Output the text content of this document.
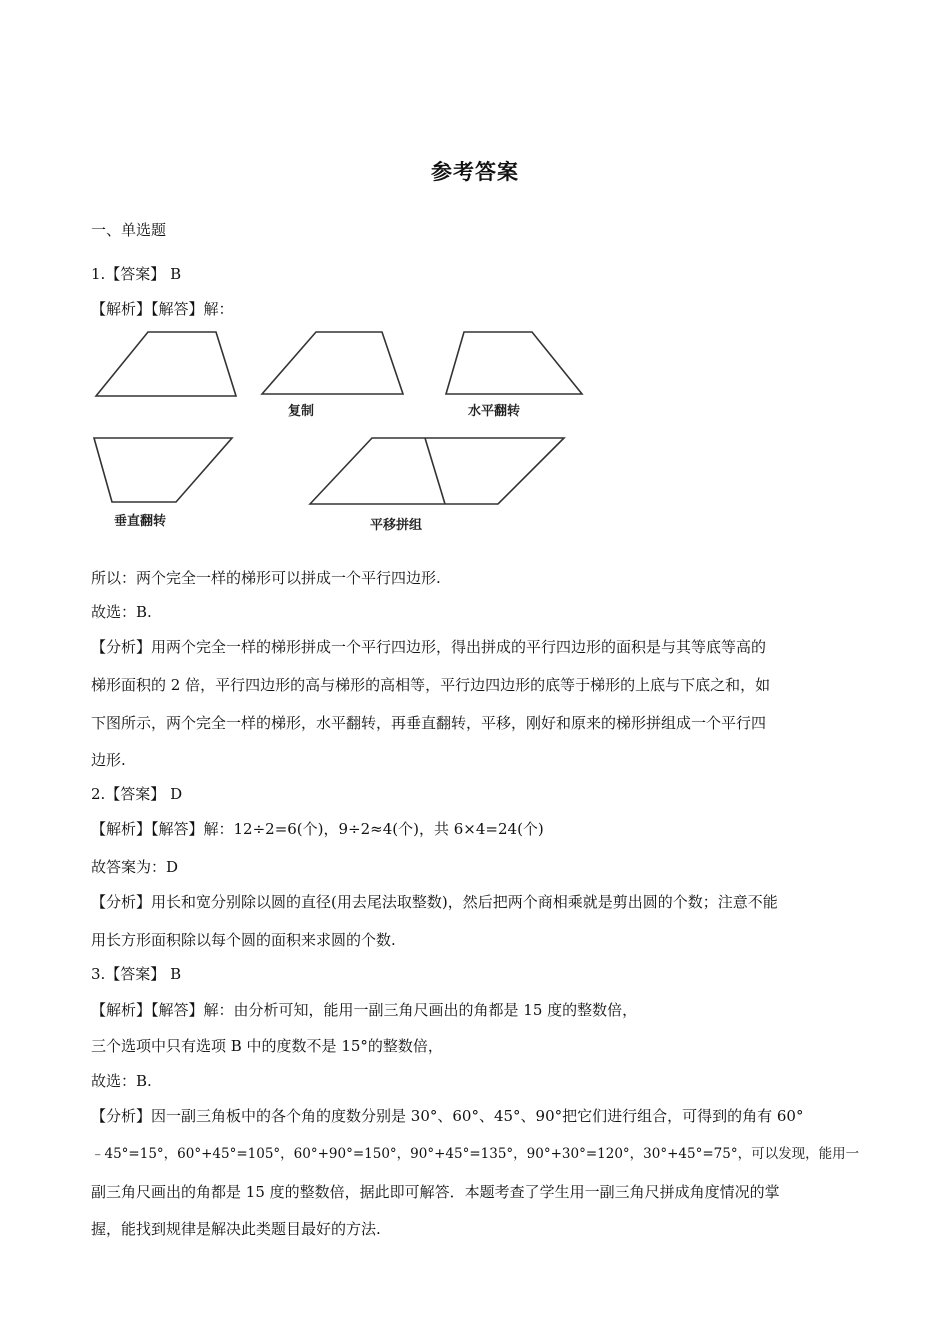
参考答案
一、单选题
1.【答案】 B
【解析】【解答】解：
复制	水平翻转
垂直翻转	平移拼组
所以：两个完全一样的梯形可以拼成一个平行四边形.
故选：B.
【分析】用两个完全一样的梯形拼成一个平行四边形，得出拼成的平行四边形的面积是与其等底等高的
梯形面积的 2 倍，平行四边形的高与梯形的高相等，平行边四边形的底等于梯形的上底与下底之和，如
下图所示，两个完全一样的梯形，水平翻转，再垂直翻转，平移，刚好和原来的梯形拼组成一个平行四
边形.
2.【答案】 D
【解析】【解答】解：12÷2=6(个)，9÷2≈4(个)，共 6×4=24(个)
故答案为：D
【分析】用长和宽分别除以圆的直径(用去尾法取整数)，然后把两个商相乘就是剪出圆的个数；注意不能
用长方形面积除以每个圆的面积来求圆的个数.
3.【答案】 B
【解析】【解答】解：由分析可知，能用一副三角尺画出的角都是 15 度的整数倍，
三个选项中只有选项 B 中的度数不是 15°的整数倍，
故选：B.
【分析】因一副三角板中的各个角的度数分别是 30°、60°、45°、90°把它们进行组合，可得到的角有 60°
﹣45°=15°，60°+45°=105°，60°+90°=150°，90°+45°=135°，90°+30°=120°，30°+45°=75°，可以发现，能用一
副三角尺画出的角都是 15 度的整数倍，据此即可解答．本题考查了学生用一副三角尺拼成角度情况的掌
握，能找到规律是解决此类题目最好的方法.
